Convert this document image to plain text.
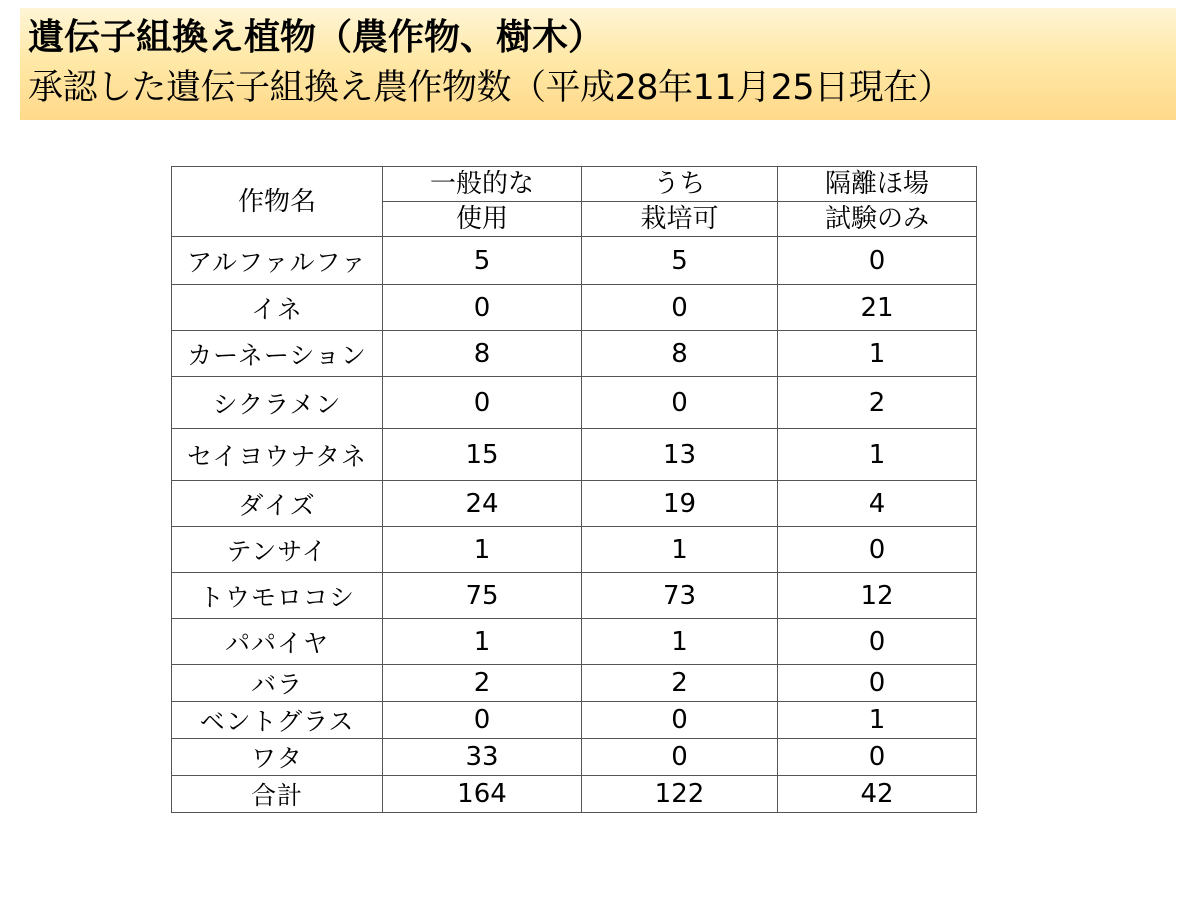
遺伝子組換え植物（農作物、樹木）
承認した遺伝子組換え農作物数（平成28年11月25日現在）
作物名	一般的な	うち	隔離ほ場
	使用	栽培可	試験のみ
アルファルファ	5	5	0
イネ	0	0	21
カーネーション	8	8	1
シクラメン	0	0	2
セイヨウナタネ	15	13	1
ダイズ	24	19	4
テンサイ	1	1	0
トウモロコシ	75	73	12
パパイヤ	1	1	0
バラ	2	2	0
ベントグラス	0	0	1
ワタ	33	0	0
合計	164	122	42
